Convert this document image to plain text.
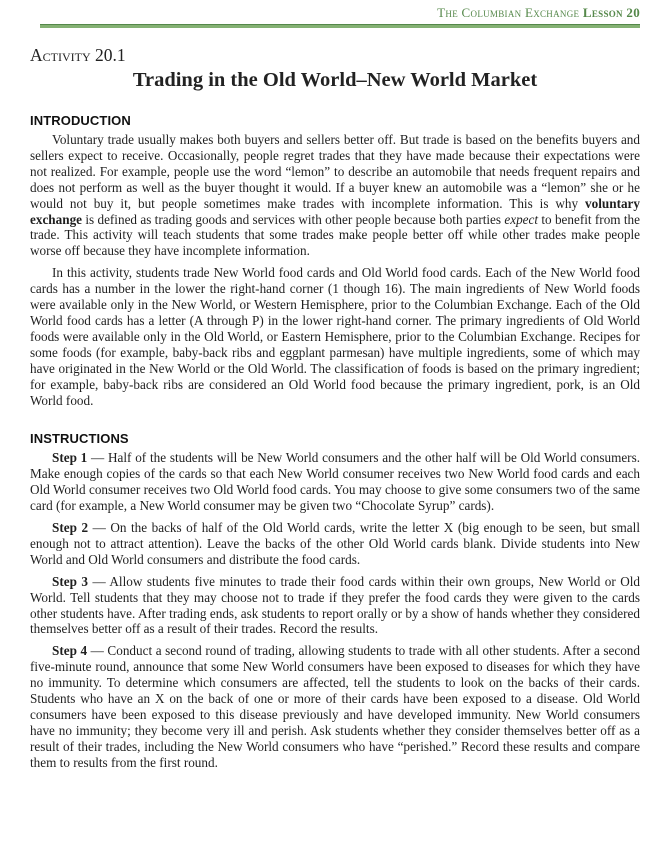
The Columbian Exchange Lesson 20
Activity 20.1
Trading in the Old World–New World Market
INTRODUCTION

Voluntary trade usually makes both buyers and sellers better off. But trade is based on the benefits buyers and sellers expect to receive. Occasionally, people regret trades that they have made because their expectations were not realized. For example, people use the word “lemon” to describe an automobile that needs frequent repairs and does not perform as well as the buyer thought it would. If a buyer knew an automobile was a “lemon” she or he would not buy it, but people sometimes make trades with incomplete information. This is why voluntary exchange is defined as trading goods and services with other people because both parties expect to benefit from the trade. This activity will teach students that some trades make people better off while other trades make people worse off because they have incomplete information.

In this activity, students trade New World food cards and Old World food cards. Each of the New World food cards has a number in the lower the right-hand corner (1 though 16). The main ingredients of New World foods were available only in the New World, or Western Hemisphere, prior to the Columbian Exchange. Each of the Old World food cards has a letter (A through P) in the lower right-hand corner. The primary ingredients of Old World foods were available only in the Old World, or Eastern Hemisphere, prior to the Columbian Exchange. Recipes for some foods (for example, baby-back ribs and eggplant parmesan) have multiple ingredients, some of which may have originated in the New World or the Old World. The classification of foods is based on the primary ingredient; for example, baby-back ribs are considered an Old World food because the primary ingredient, pork, is an Old World food.

INSTRUCTIONS

Step 1 — Half of the students will be New World consumers and the other half will be Old World consumers. Make enough copies of the cards so that each New World consumer receives two New World food cards and each Old World consumer receives two Old World food cards. You may choose to give some consumers two of the same card (for example, a New World consumer may be given two “Chocolate Syrup” cards).

Step 2 — On the backs of half of the Old World cards, write the letter X (big enough to be seen, but small enough not to attract attention). Leave the backs of the other Old World cards blank. Divide students into New World and Old World consumers and distribute the food cards.

Step 3 — Allow students five minutes to trade their food cards within their own groups, New World or Old World. Tell students that they may choose not to trade if they prefer the food cards they were given to the cards other students have. After trading ends, ask students to report orally or by a show of hands whether they considered themselves better off as a result of their trades. Record the results.

Step 4 — Conduct a second round of trading, allowing students to trade with all other students. After a second five-minute round, announce that some New World consumers have been exposed to diseases for which they have no immunity. To determine which consumers are affected, tell the students to look on the backs of their cards. Students who have an X on the back of one or more of their cards have been exposed to a disease. Old World consumers have been exposed to this disease previously and have developed immunity. New World consumers have no immunity; they become very ill and perish. Ask students whether they consider themselves better off as a result of their trades, including the New World consumers who have “perished.” Record these results and compare them to results from the first round.
